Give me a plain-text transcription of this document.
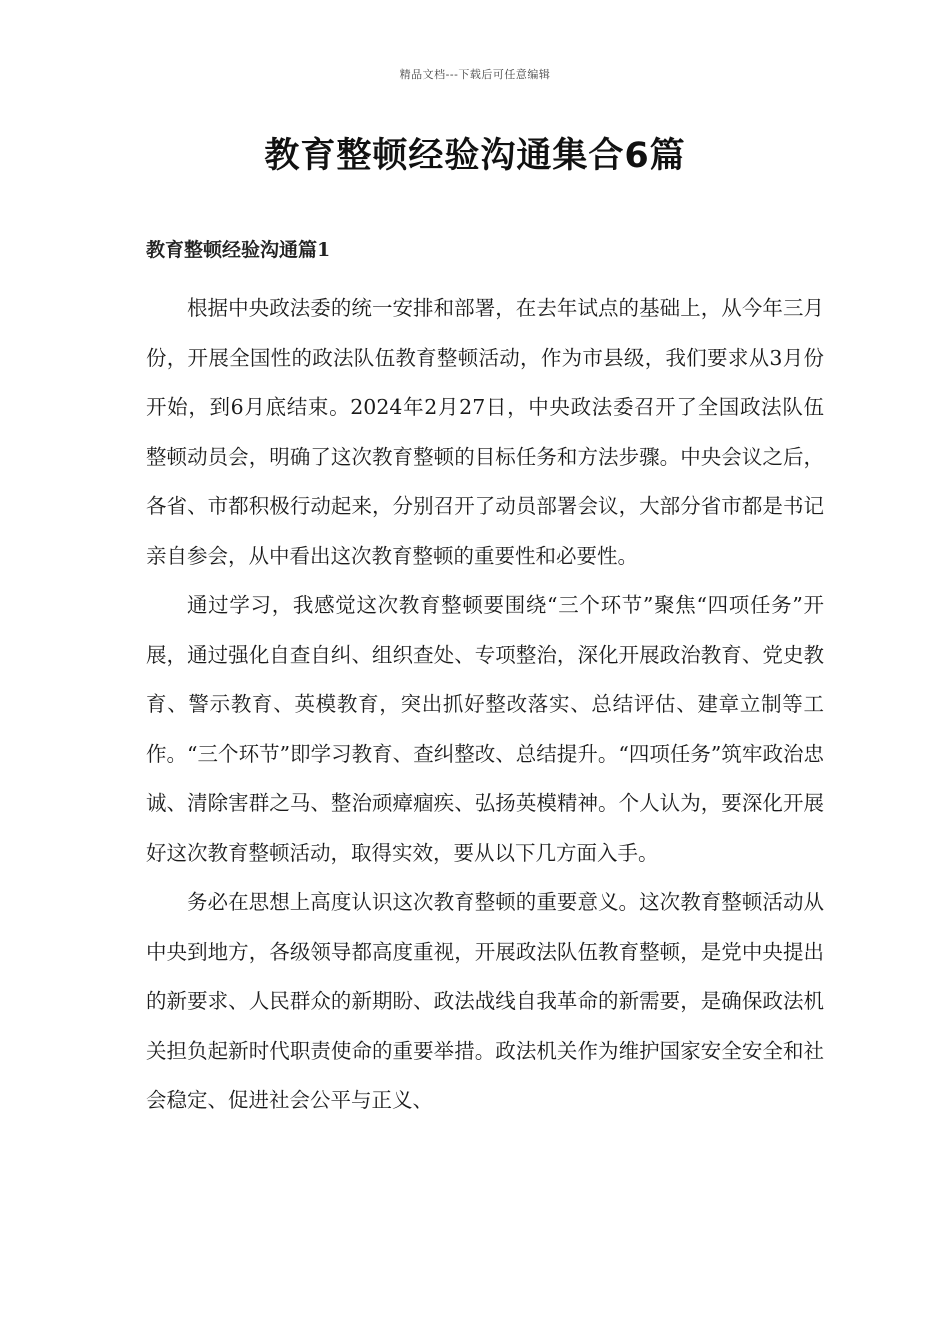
精品文档---下载后可任意编辑
教育整顿经验沟通集合6篇
教育整顿经验沟通篇1

根据中央政法委的统一安排和部署，在去年试点的基础上，从今年三月份，开展全国性的政法队伍教育整顿活动，作为市县级，我们要求从3月份开始，到6月底结束。2024年2月27日，中央政法委召开了全国政法队伍整顿动员会，明确了这次教育整顿的目标任务和方法步骤。中央会议之后，各省、市都积极行动起来，分别召开了动员部署会议，大部分省市都是书记亲自参会，从中看出这次教育整顿的重要性和必要性。

通过学习，我感觉这次教育整顿要围绕“三个环节”聚焦“四项任务”开展，通过强化自查自纠、组织查处、专项整治，深化开展政治教育、党史教育、警示教育、英模教育，突出抓好整改落实、总结评估、建章立制等工作。“三个环节”即学习教育、查纠整改、总结提升。“四项任务”筑牢政治忠诚、清除害群之马、整治顽瘴痼疾、弘扬英模精神。个人认为，要深化开展好这次教育整顿活动，取得实效，要从以下几方面入手。

务必在思想上高度认识这次教育整顿的重要意义。这次教育整顿活动从中央到地方，各级领导都高度重视，开展政法队伍教育整顿，是党中央提出的新要求、人民群众的新期盼、政法战线自我革命的新需要，是确保政法机关担负起新时代职责使命的重要举措。政法机关作为维护国家安全安全和社会稳定、促进社会公平与正义、
